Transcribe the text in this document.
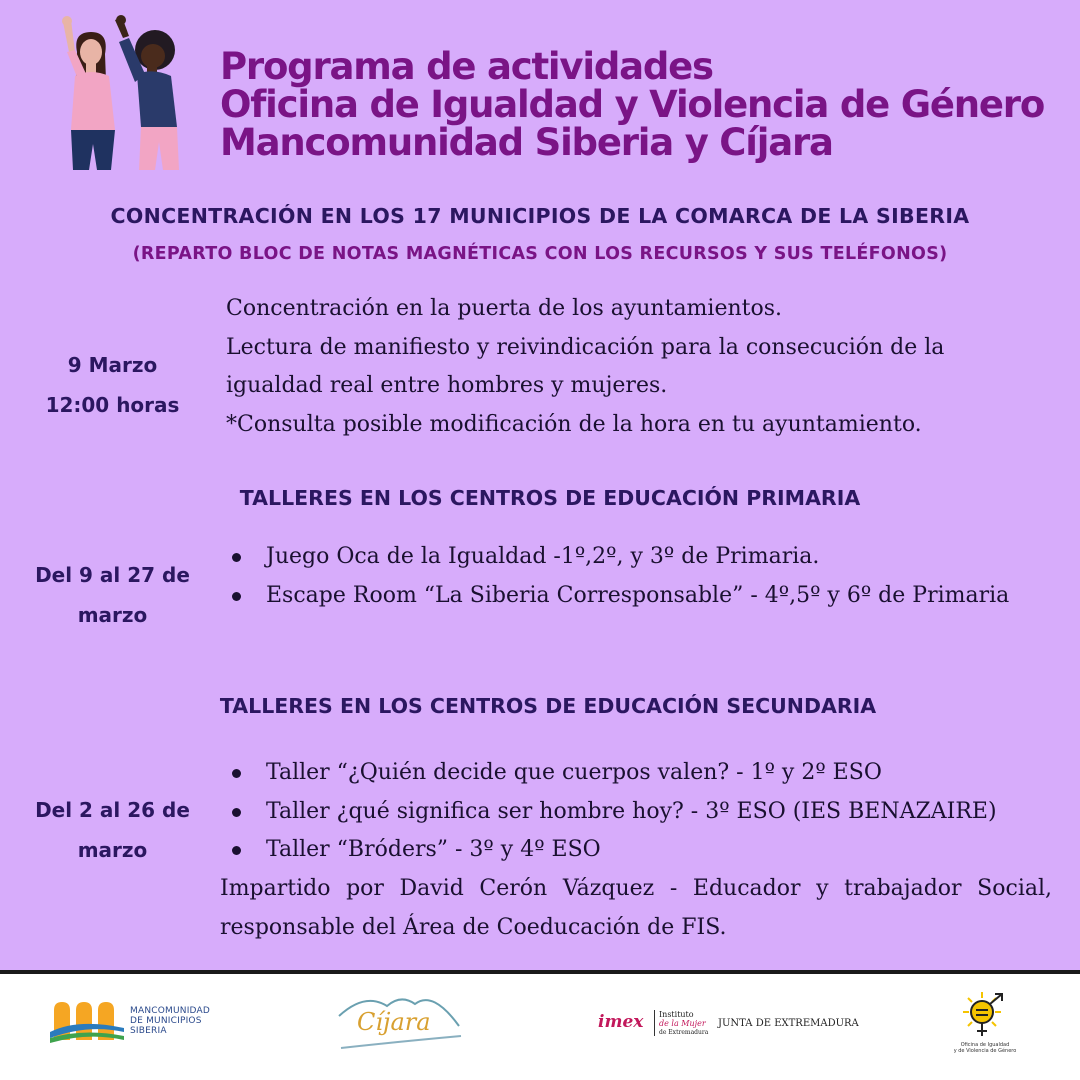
Programa de actividades
Oficina de Igualdad y Violencia de Género
Mancomunidad Siberia y Cíjara
CONCENTRACIÓN EN LOS 17 MUNICIPIOS DE LA COMARCA DE LA SIBERIA
(REPARTO BLOC DE NOTAS MAGNÉTICAS CON LOS RECURSOS Y SUS TELÉFONOS)
9 Marzo
12:00 horas

Concentración en la puerta de los ayuntamientos.

Lectura de manifiesto y reivindicación para la consecución de la

igualdad real entre hombres y mujeres.

*Consulta posible modificación de la hora en tu ayuntamiento.

TALLERES EN LOS CENTROS DE EDUCACIÓN PRIMARIA
Del 9 al 27 de
marzo
Juego Oca de la Igualdad -1º,2º, y 3º de Primaria.
Escape Room “La Siberia Corresponsable” - 4º,5º y 6º de Primaria
TALLERES EN LOS CENTROS DE EDUCACIÓN SECUNDARIA
Del 2 al 26 de
marzo
Taller “¿Quién decide que cuerpos valen? - 1º y 2º ESO
Taller ¿qué significa ser hombre hoy? - 3º ESO (IES BENAZAIRE)
Taller “Bróders” - 3º y 4º ESO
Impartido por David Cerón Vázquez - Educador y trabajador Social, responsable del Área de Coeducación de FIS.
MANCOMUNIDAD
DE MUNICIPIOS
SIBERIA	Cíjara	imex Instituto
de la Mujer
de Extremadura
JUNTA DE EXTREMADURA
Oficina de Igualdad
y de Violencia de Género
